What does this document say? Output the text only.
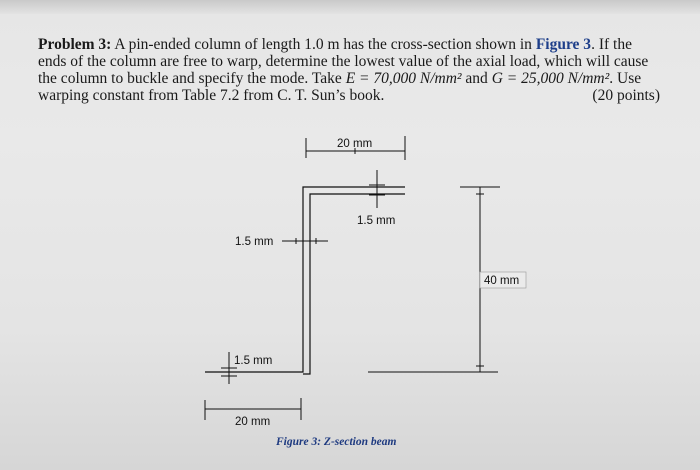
Problem 3: A pin-ended column of length 1.0 m has the cross-section shown in Figure 3. If the
ends of the column are free to warp, determine the lowest value of the axial load, which will cause
the column to buckle and specify the mode. Take E = 70,000 N/mm² and G = 25,000 N/mm². Use
warping constant from Table 7.2 from C. T. Sun’s book.	(20 points)
20 mm
1.5 mm
1.5 mm
40 mm
1.5 mm
20 mm
Figure 3: Z-section beam
